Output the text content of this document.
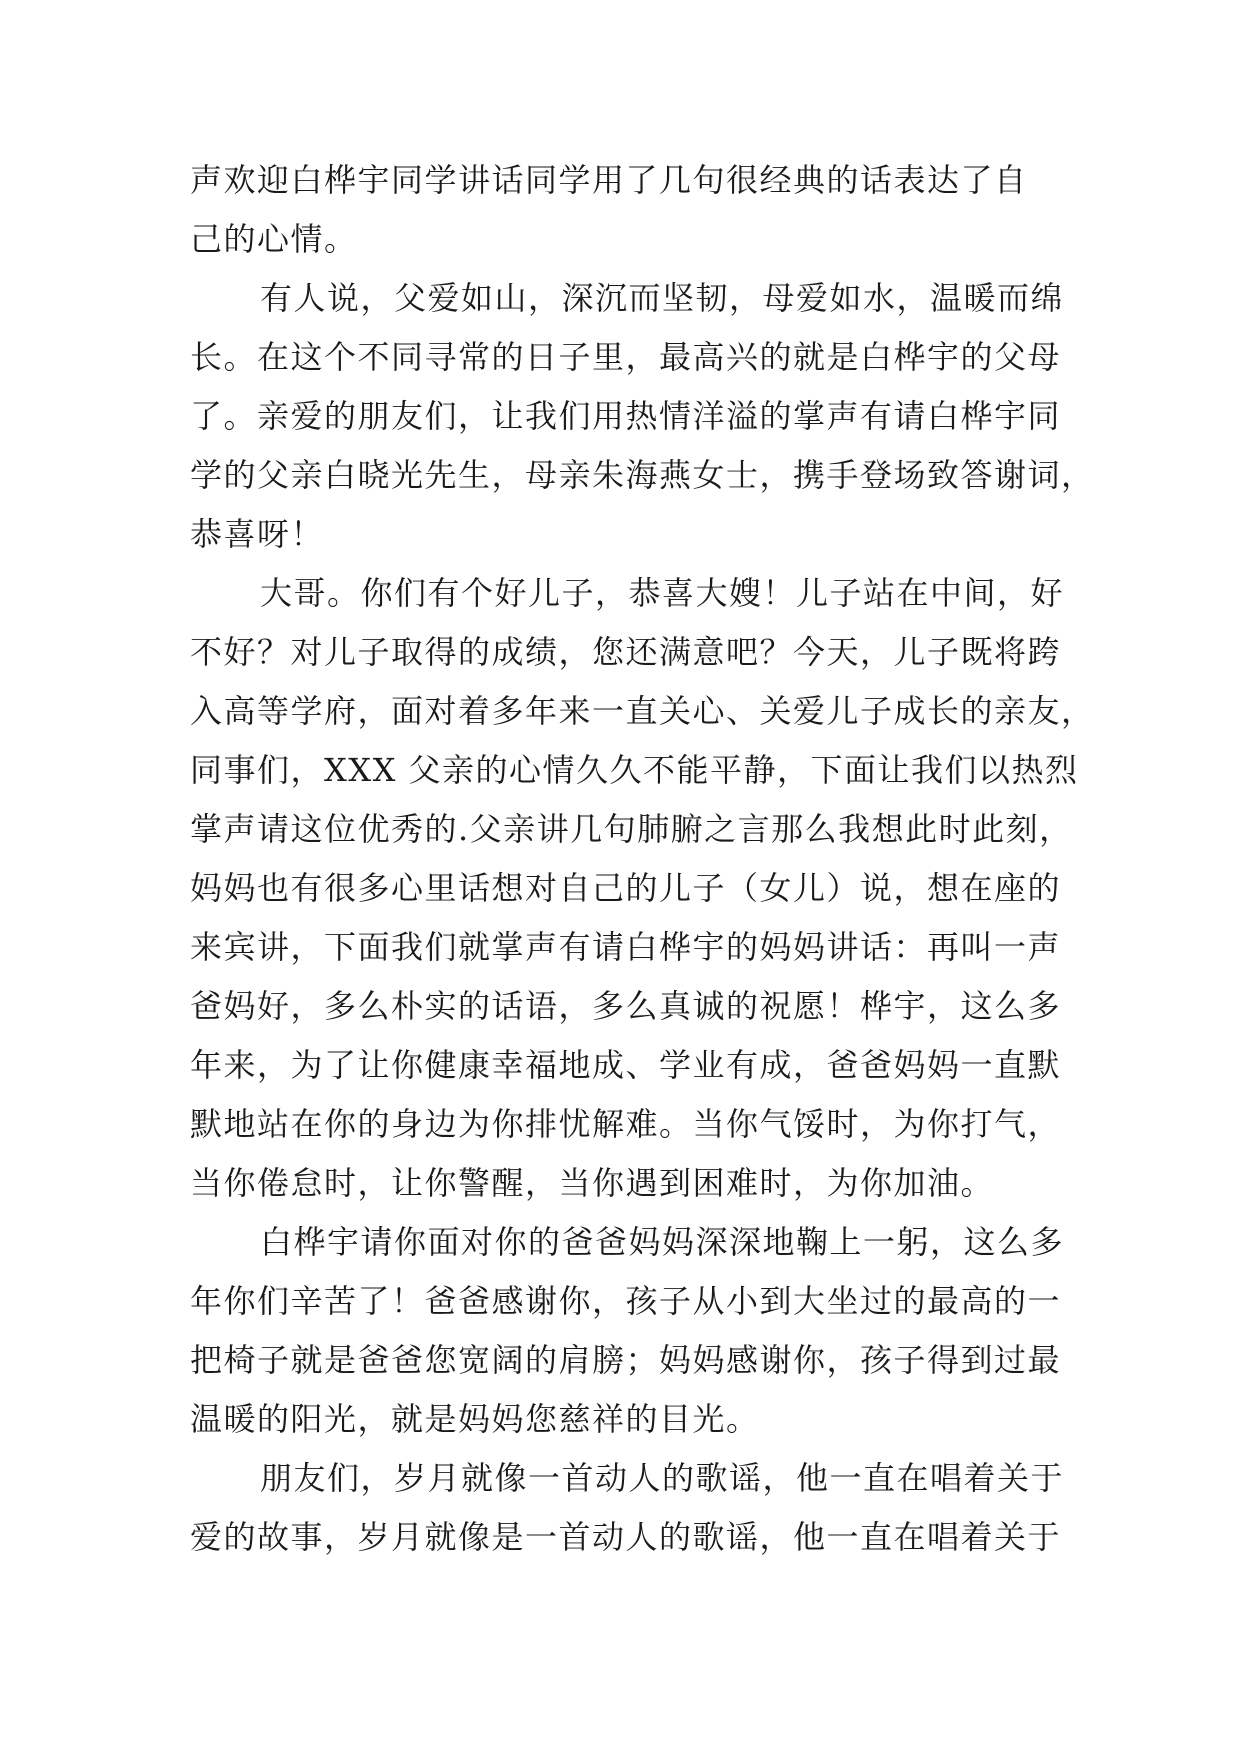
声欢迎白桦宇同学讲话同学用了几句很经典的话表达了自
己的心情。
有人说，父爱如山，深沉而坚韧，母爱如水，温暖而绵
长。在这个不同寻常的日子里，最高兴的就是白桦宇的父母
了。亲爱的朋友们，让我们用热情洋溢的掌声有请白桦宇同
学的父亲白晓光先生，母亲朱海燕女士，携手登场致答谢词，
恭喜呀！
大哥。你们有个好儿子，恭喜大嫂！儿子站在中间，好
不好？对儿子取得的成绩，您还满意吧？今天，儿子既将跨
入高等学府，面对着多年来一直关心、关爱儿子成长的亲友，
同事们，XXX 父亲的心情久久不能平静，下面让我们以热烈
掌声请这位优秀的.父亲讲几句肺腑之言那么我想此时此刻，
妈妈也有很多心里话想对自己的儿子（女儿）说，想在座的
来宾讲，下面我们就掌声有请白桦宇的妈妈讲话：再叫一声
爸妈好，多么朴实的话语，多么真诚的祝愿！桦宇，这么多
年来，为了让你健康幸福地成、学业有成，爸爸妈妈一直默
默地站在你的身边为你排忧解难。当你气馁时，为你打气，
当你倦怠时，让你警醒，当你遇到困难时，为你加油。
白桦宇请你面对你的爸爸妈妈深深地鞠上一躬，这么多
年你们辛苦了！爸爸感谢你，孩子从小到大坐过的最高的一
把椅子就是爸爸您宽阔的肩膀；妈妈感谢你，孩子得到过最
温暖的阳光，就是妈妈您慈祥的目光。
朋友们，岁月就像一首动人的歌谣，他一直在唱着关于
爱的故事，岁月就像是一首动人的歌谣，他一直在唱着关于
